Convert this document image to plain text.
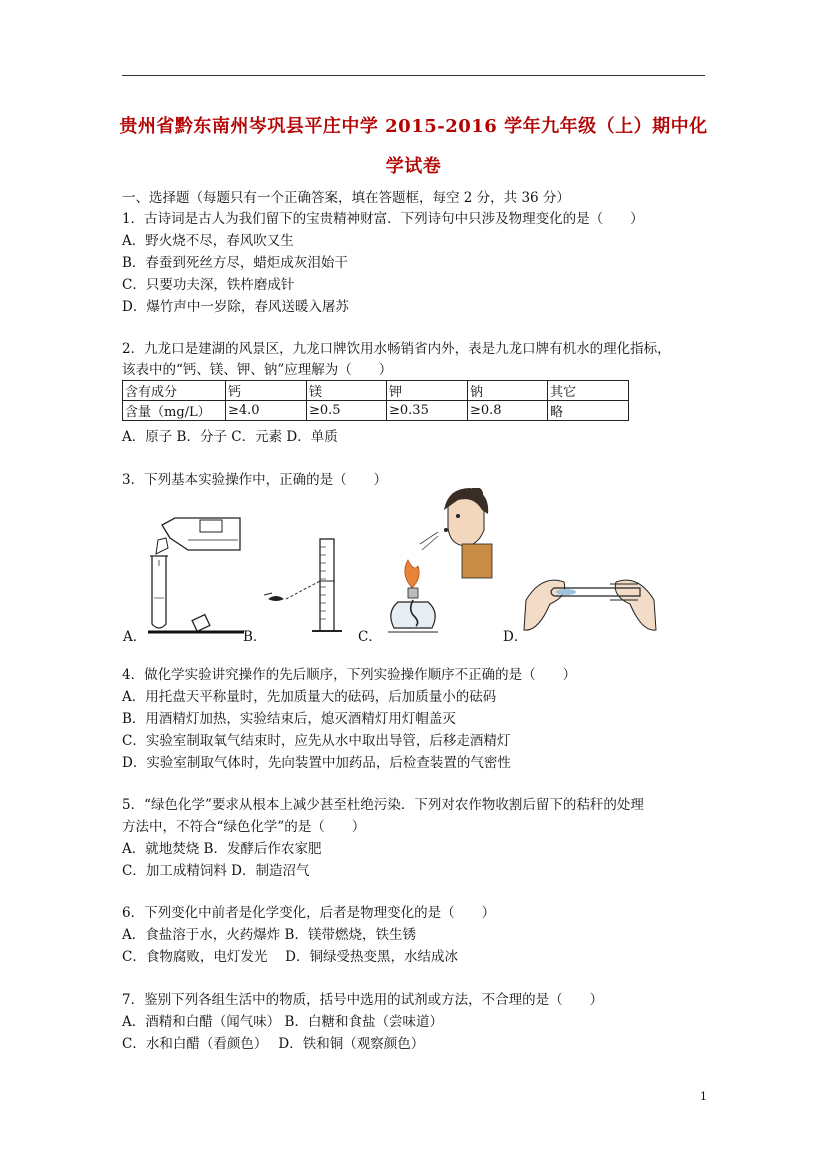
贵州省黔东南州岑巩县平庄中学 2015-2016 学年九年级（上）期中化
学试卷
一、选择题（每题只有一个正确答案，填在答题框，每空 2 分，共 36 分）
1．古诗词是古人为我们留下的宝贵精神财富．下列诗句中只涉及物理变化的是（　　）
A．野火烧不尽，春风吹又生
B．春蚕到死丝方尽，蜡炬成灰泪始干
C．只要功夫深，铁杵磨成针
D．爆竹声中一岁除，春风送暖入屠苏
2．九龙口是建湖的风景区，九龙口牌饮用水畅销省内外，表是九龙口牌有机水的理化指标，
该表中的“钙、镁、钾、钠”应理解为（　　）
含有成分	钙	镁	钾	钠	其它
含量（mg/L）	≥4.0	≥0.5	≥0.35	≥0.8	略
A．原子 B．分子 C．元素 D．单质
3．下列基本实验操作中，正确的是（　　）
A．	B．	C．	D．
4．做化学实验讲究操作的先后顺序，下列实验操作顺序不正确的是（　　）
A．用托盘天平称量时，先加质量大的砝码，后加质量小的砝码
B．用酒精灯加热，实验结束后，熄灭酒精灯用灯帽盖灭
C．实验室制取氧气结束时，应先从水中取出导管，后移走酒精灯
D．实验室制取气体时，先向装置中加药品，后检查装置的气密性
5．“绿色化学”要求从根本上减少甚至杜绝污染．下列对农作物收割后留下的秸秆的处理
方法中，不符合“绿色化学”的是（　　）
A．就地焚烧 B．发酵后作农家肥
C．加工成精饲料 D．制造沼气
6．下列变化中前者是化学变化，后者是物理变化的是（　　）
A．食盐溶于水，火药爆炸 B．镁带燃烧，铁生锈
C．食物腐败，电灯发光　 D．铜绿受热变黑，水结成冰
7．鉴别下列各组生活中的物质，括号中选用的试剂或方法，不合理的是（　　）
A．酒精和白醋（闻气味） B．白糖和食盐（尝味道）
C．水和白醋（看颜色）　 D．铁和铜（观察颜色）
1
